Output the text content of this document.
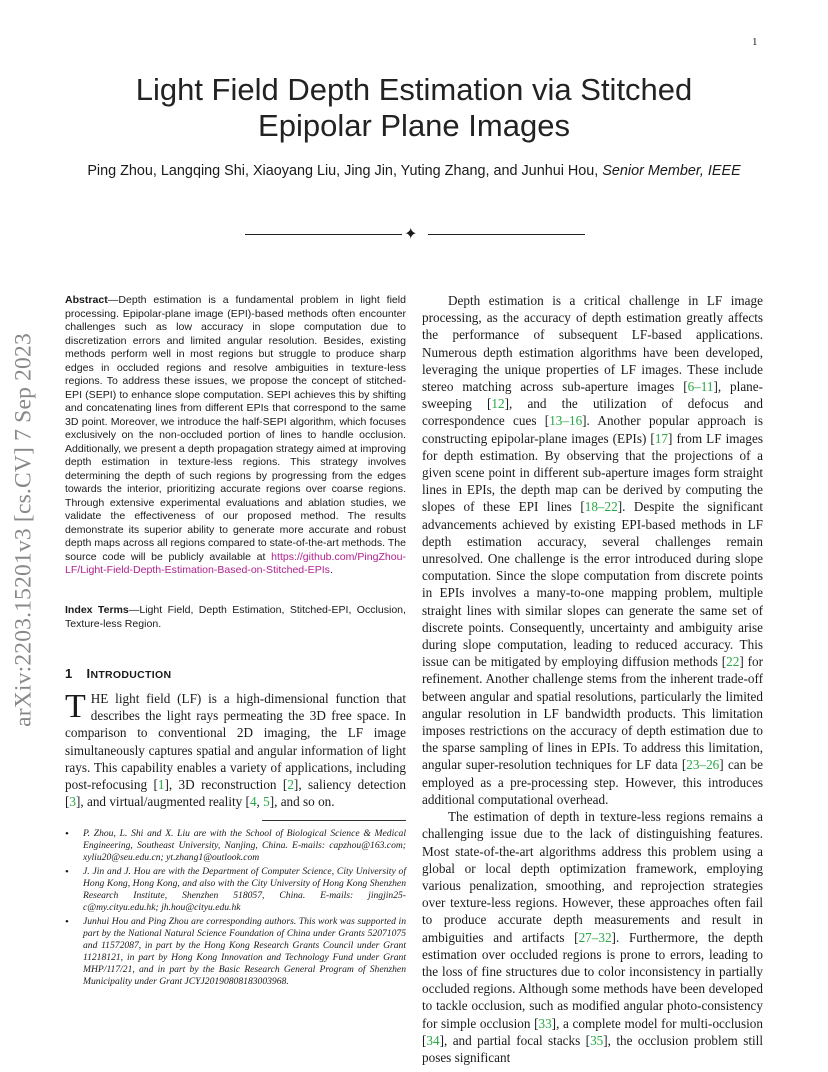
1
Light Field Depth Estimation via Stitched Epipolar Plane Images
Ping Zhou, Langqing Shi, Xiaoyang Liu, Jing Jin, Yuting Zhang, and Junhui Hou, Senior Member, IEEE
✦
arXiv:2203.15201v3 [cs.CV] 7 Sep 2023
Abstract—Depth estimation is a fundamental problem in light field processing. Epipolar-plane image (EPI)-based methods often encounter challenges such as low accuracy in slope computation due to discretization errors and limited angular resolution. Besides, existing methods perform well in most regions but struggle to produce sharp edges in occluded regions and resolve ambiguities in texture-less regions. To address these issues, we propose the concept of stitched-EPI (SEPI) to enhance slope computation. SEPI achieves this by shifting and concatenating lines from different EPIs that correspond to the same 3D point. Moreover, we introduce the half-SEPI algorithm, which focuses exclusively on the non-occluded portion of lines to handle occlusion. Additionally, we present a depth propagation strategy aimed at improving depth estimation in texture-less regions. This strategy involves determining the depth of such regions by progressing from the edges towards the interior, prioritizing accurate regions over coarse regions. Through extensive experimental evaluations and ablation studies, we validate the effectiveness of our proposed method. The results demonstrate its superior ability to generate more accurate and robust depth maps across all regions compared to state-of-the-art methods. The source code will be publicly available at https://github.com/PingZhou-LF/Light-Field-Depth-Estimation-Based-on-Stitched-EPIs.
Index Terms—Light Field, Depth Estimation, Stitched-EPI, Occlusion, Texture-less Region.
1 INTRODUCTION
THE light field (LF) is a high-dimensional function that describes the light rays permeating the 3D free space. In comparison to conventional 2D imaging, the LF image simultaneously captures spatial and angular information of light rays. This capability enables a variety of applications, including post-refocusing [1], 3D reconstruction [2], saliency detection [3], and virtual/augmented reality [4, 5], and so on.
• P. Zhou, L. Shi and X. Liu are with the School of Biological Science & Medical Engineering, Southeast University, Nanjing, China. E-mails: capzhou@163.com; xyliu20@seu.edu.cn; yt.zhang1@outlook.com
• J. Jin and J. Hou are with the Department of Computer Science, City University of Hong Kong, Hong Kong, and also with the City University of Hong Kong Shenzhen Research Institute, Shenzhen 518057, China. E-mails: jingjin25-c@my.cityu.edu.hk; jh.hou@cityu.edu.hk
• Junhui Hou and Ping Zhou are corresponding authors. This work was supported in part by the National Natural Science Foundation of China under Grants 52071075 and 11572087, in part by the Hong Kong Research Grants Council under Grant 11218121, in part by Hong Kong Innovation and Technology Fund under Grant MHP/117/21, and in part by the Basic Research General Program of Shenzhen Municipality under Grant JCYJ20190808183003968.

Depth estimation is a critical challenge in LF image processing, as the accuracy of depth estimation greatly affects the performance of subsequent LF-based applications. Numerous depth estimation algorithms have been developed, leveraging the unique properties of LF images. These include stereo matching across sub-aperture images [6–11], plane-sweeping [12], and the utilization of defocus and correspondence cues [13–16]. Another popular approach is constructing epipolar-plane images (EPIs) [17] from LF images for depth estimation. By observing that the projections of a given scene point in different sub-aperture images form straight lines in EPIs, the depth map can be derived by computing the slopes of these EPI lines [18–22]. Despite the significant advancements achieved by existing EPI-based methods in LF depth estimation accuracy, several challenges remain unresolved. One challenge is the error introduced during slope computation. Since the slope computation from discrete points in EPIs involves a many-to-one mapping problem, multiple straight lines with similar slopes can generate the same set of discrete points. Consequently, uncertainty and ambiguity arise during slope computation, leading to reduced accuracy. This issue can be mitigated by employing diffusion methods [22] for refinement. Another challenge stems from the inherent trade-off between angular and spatial resolutions, particularly the limited angular resolution in LF bandwidth products. This limitation imposes restrictions on the accuracy of depth estimation due to the sparse sampling of lines in EPIs. To address this limitation, angular super-resolution techniques for LF data [23–26] can be employed as a pre-processing step. However, this introduces additional computational overhead.

The estimation of depth in texture-less regions remains a challenging issue due to the lack of distinguishing features. Most state-of-the-art algorithms address this problem using a global or local depth optimization framework, employing various penalization, smoothing, and reprojection strategies over texture-less regions. However, these approaches often fail to produce accurate depth measurements and result in ambiguities and artifacts [27–32]. Furthermore, the depth estimation over occluded regions is prone to errors, leading to the loss of fine structures due to color inconsistency in partially occluded regions. Although some methods have been developed to tackle occlusion, such as modified angular photo-consistency for simple occlusion [33], a complete model for multi-occlusion [34], and partial focal stacks [35], the occlusion problem still poses significant
